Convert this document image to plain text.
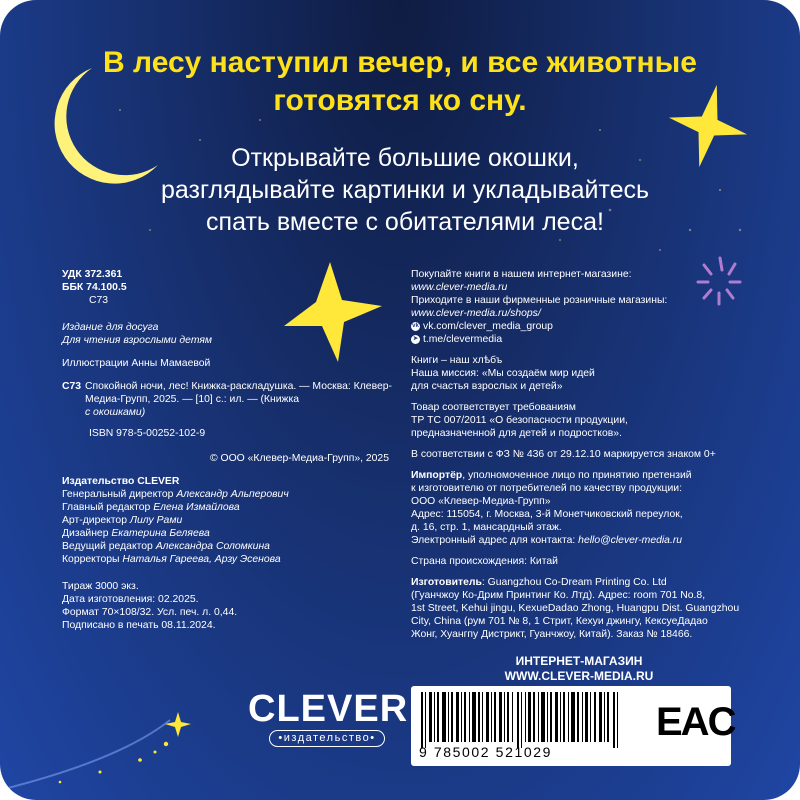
В лесу наступил вечер, и все животные
готовятся ко сну.
Открывайте большие окошки,
разглядывайте картинки и укладывайтесь
спать вместе с обитателями леса!
УДК 372.361
ББК 74.100.5
С73
Издание для досуга
Для чтения взрослыми детям
Иллюстрации Анны Мамаевой
С73 Спокойной ночи, лес! Книжка-раскладушка. — Москва: Клевер-
Медиа-Групп, 2025. — [10] с.: ил. — (Книжка
с окошками)
ISBN 978-5-00252-102-9
© ООО «Клевер-Медиа-Групп», 2025
Издательство CLEVER
Генеральный директор Александр Альперович
Главный редактор Елена Измайлова
Арт-директор Лилу Рами
Дизайнер Екатерина Беляева
Ведущий редактор Александра Соломкина
Корректоры Наталья Гареева, Арзу Эсенова
Тираж 3000 экз.
Дата изготовления: 02.2025.
Формат 70×108/32. Усл. печ. л. 0,44.
Подписано в печать 08.11.2024.
Покупайте книги в нашем интернет-магазине:
www.clever-media.ru
Приходите в наши фирменные розничные магазины:
www.clever-media.ru/shops/
vk vk.com/clever_media_group
➤ t.me/clevermedia
Книги – наш хлѣбъ
Наша миссия: «Мы создаём мир идей
для счастья взрослых и детей»
Товар соответствует требованиям
ТР ТС 007/2011 «О безопасности продукции,
предназначенной для детей и подростков».
В соответствии с ФЗ № 436 от 29.12.10 маркируется знаком 0+
Импортёр, уполномоченное лицо по принятию претензий
к изготовителю от потребителей по качеству продукции:
ООО «Клевер-Медиа-Групп»
Адрес: 115054, г. Москва, 3-й Монетчиковский переулок,
д. 16, стр. 1, мансардный этаж.
Электронный адрес для контакта: hello@clever-media.ru
Страна происхождения: Китай
Изготовитель: Guangzhou Co-Dream Printing Co. Ltd
(Гуанчжоу Ко-Дрим Принтинг Ко. Лтд). Адрес: room 701 No.8,
1st Street, Kehui jingu, KexueDadao Zhong, Huangpu Dist. Guangzhou
City, China (рум 701 № 8, 1 Стрит, Кехуи джингу, КексуеДадао
Жонг, Хуангпу Дистрикт, Гуанчжоу, Китай). Заказ № 18466.
ИНТЕРНЕТ-МАГАЗИН
WWW.CLEVER-MEDIA.RU
CLEVER
•издательство•
9 785002 521029
EAC
